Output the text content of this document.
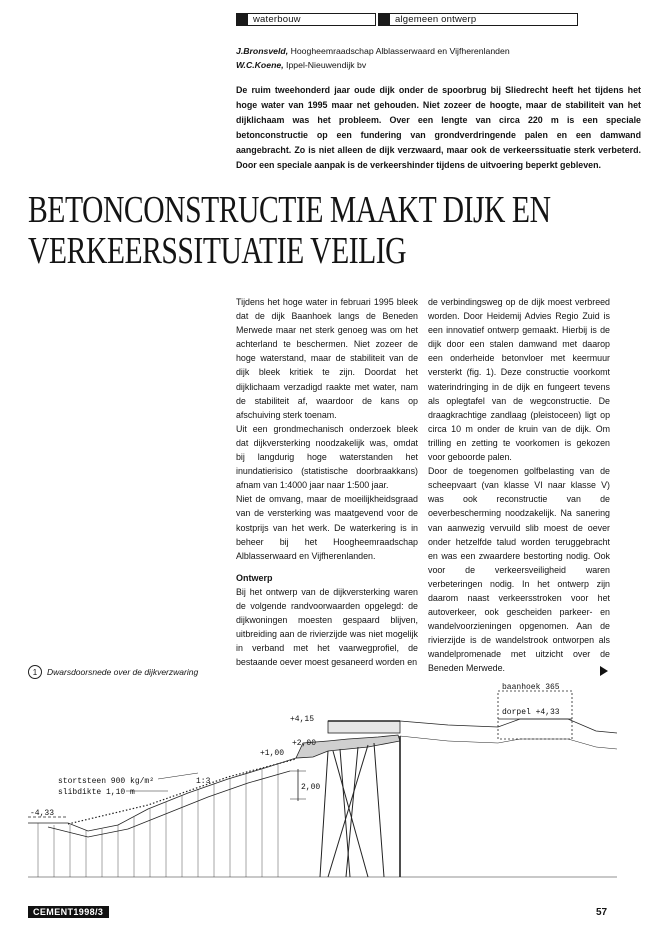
waterbouw	algemeen ontwerp
J.Bronsveld, Hoogheemraadschap Alblasserwaard en Vijfherenlanden
W.C.Koene, Ippel-Nieuwendijk bv
De ruim tweehonderd jaar oude dijk onder de spoorbrug bij Sliedrecht heeft het tijdens het hoge water van 1995 maar net gehouden. Niet zozeer de hoogte, maar de stabiliteit van het dijklichaam was het probleem. Over een lengte van circa 220 m is een speciale betonconstructie op een fundering van grondverdringende palen en een damwand aangebracht. Zo is niet alleen de dijk verzwaard, maar ook de verkeerssituatie sterk verbeterd. Door een speciale aanpak is de verkeershinder tijdens de uitvoering beperkt gebleven.
BETONCONSTRUCTIE MAAKT DIJK EN
VERKEERSSITUATIE VEILIG

Tijdens het hoge water in februari 1995 bleek dat de dijk Baanhoek langs de Beneden Merwede maar net sterk genoeg was om het achterland te beschermen. Niet zozeer de hoge waterstand, maar de stabiliteit van de dijk bleek kritiek te zijn. Doordat het dijklichaam verzadigd raakte met water, nam de stabiliteit af, waardoor de kans op afschuiving sterk toenam.

Uit een grondmechanisch onderzoek bleek dat dijkversterking noodzakelijk was, omdat bij langdurig hoge waterstanden het inundatierisico (statistische doorbraakkans) afnam van 1:4000 jaar naar 1:500 jaar.

Niet de omvang, maar de moeilijkheidsgraad van de versterking was maatgevend voor de kostprijs van het werk. De waterkering is in beheer bij het Hoogheemraadschap Alblasserwaard en Vijfherenlanden.

Ontwerp

Bij het ontwerp van de dijkversterking waren de volgende randvoorwaarden opgelegd: de dijkwoningen moesten gespaard blijven, uitbreiding aan de rivierzijde was niet mogelijk in verband met het vaarwegprofiel, de bestaande oever moest gesaneerd worden en

de verbindingsweg op de dijk moest verbreed worden. Door Heidemij Advies Regio Zuid is een innovatief ontwerp gemaakt. Hierbij is de dijk door een stalen damwand met daarop een onderheide betonvloer met keermuur versterkt (fig. 1). Deze constructie voorkomt waterindringing in de dijk en fungeert tevens als oplegtafel van de wegconstructie. De draagkrachtige zandlaag (pleistoceen) ligt op circa 10 m onder de kruin van de dijk. Om trilling en zetting te voorkomen is gekozen voor geboorde palen.

Door de toegenomen golfbelasting van de scheepvaart (van klasse VI naar klasse V) was ook reconstructie van de oeverbescherming noodzakelijk. Na sanering van aanwezig vervuild slib moest de oever onder hetzelfde talud worden teruggebracht en was een zwaardere bestorting nodig. Ook voor de verkeersveiligheid waren verbeteringen nodig. In het ontwerp zijn daarom naast verkeersstroken voor het autoverkeer, ook gescheiden parkeer- en wandelvoorzieningen opgenomen. Aan de rivierzijde is de wandelstrook ontworpen als wandelpromenade met uitzicht over de Beneden Merwede.

1	Dwarsdoorsnede over de dijkverzwaring
+4,15
+2,00
+1,00
-4,33
2,00
stortsteen 900 kg/m²
slibdikte 1,10 m
1:3
baanhoek 365
dorpel +4,33
CEMENT1998/3	57
